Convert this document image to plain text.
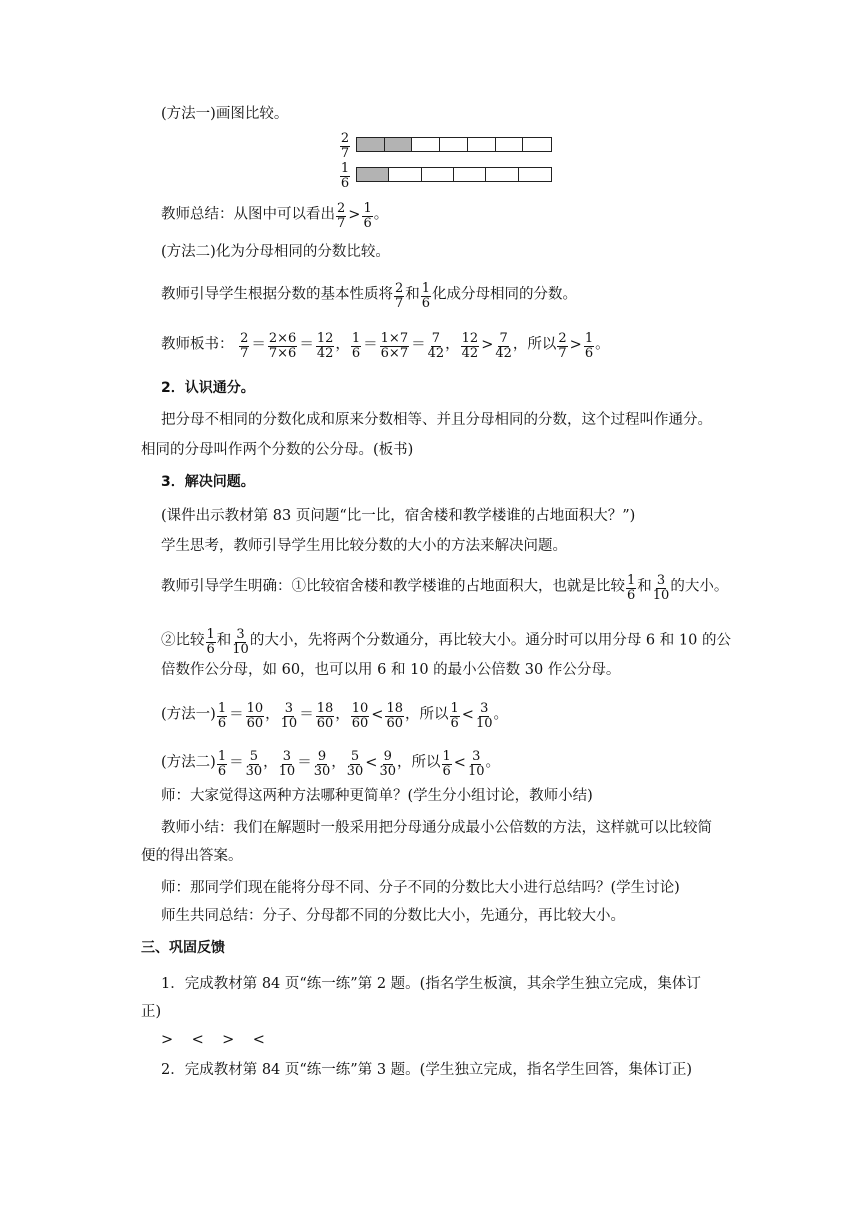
(方法一)画图比较。
2
7
1
6
教师总结：从图中可以看出 $\frac{2}{7} > \frac{1}{6}$ 。
(方法二)化为分母相同的分数比较。
教师引导学生根据分数的基本性质将 $\frac{2}{7}$ 和 $\frac{1}{6}$ 化成分母相同的分数。
教师板书： $\frac{2}{7} = \frac{2\times 6}{7\times 6} = \frac{12}{42}$ ， $\frac{1}{6} = \frac{1\times 7}{6\times 7} = \frac{7}{42}$ ， $\frac{12}{42} > \frac{7}{42}$ ，所以 $\frac{2}{7} > \frac{1}{6}$ 。
2．认识通分。
把分母不相同的分数化成和原来分数相等、并且分母相同的分数，这个过程叫作通分。
相同的分母叫作两个分数的公分母。(板书)
3．解决问题。
(课件出示教材第 83 页问题“比一比，宿舍楼和教学楼谁的占地面积大？”)
学生思考，教师引导学生用比较分数的大小的方法来解决问题。
教师引导学生明确：①比较宿舍楼和教学楼谁的占地面积大，也就是比较 $\frac{1}{6}$ 和 $\frac{3}{10}$ 的大小。
②比较 $\frac{1}{6}$ 和 $\frac{3}{10}$ 的大小，先将两个分数通分，再比较大小。通分时可以用分母 6 和 10 的公
倍数作公分母，如 60，也可以用 6 和 10 的最小公倍数 30 作公分母。
(方法一) $\frac{1}{6} = \frac{10}{60}$ ， $\frac{3}{10} = \frac{18}{60}$ ， $\frac{10}{60} < \frac{18}{60}$ ，所以 $\frac{1}{6} < \frac{3}{10}$ 。
(方法二) $\frac{1}{6} = \frac{5}{30}$ ， $\frac{3}{10} = \frac{9}{30}$ ， $\frac{5}{30} < \frac{9}{30}$ ，所以 $\frac{1}{6} < \frac{3}{10}$ 。
师：大家觉得这两种方法哪种更简单？(学生分小组讨论，教师小结)
教师小结：我们在解题时一般采用把分母通分成最小公倍数的方法，这样就可以比较简
便的得出答案。
师：那同学们现在能将分母不同、分子不同的分数比大小进行总结吗？(学生讨论)
师生共同总结：分子、分母都不同的分数比大小，先通分，再比较大小。
三、巩固反馈
1．完成教材第 84 页“练一练”第 2 题。(指名学生板演，其余学生独立完成，集体订
正)
>    <    >    <
2．完成教材第 84 页“练一练”第 3 题。(学生独立完成，指名学生回答，集体订正)
